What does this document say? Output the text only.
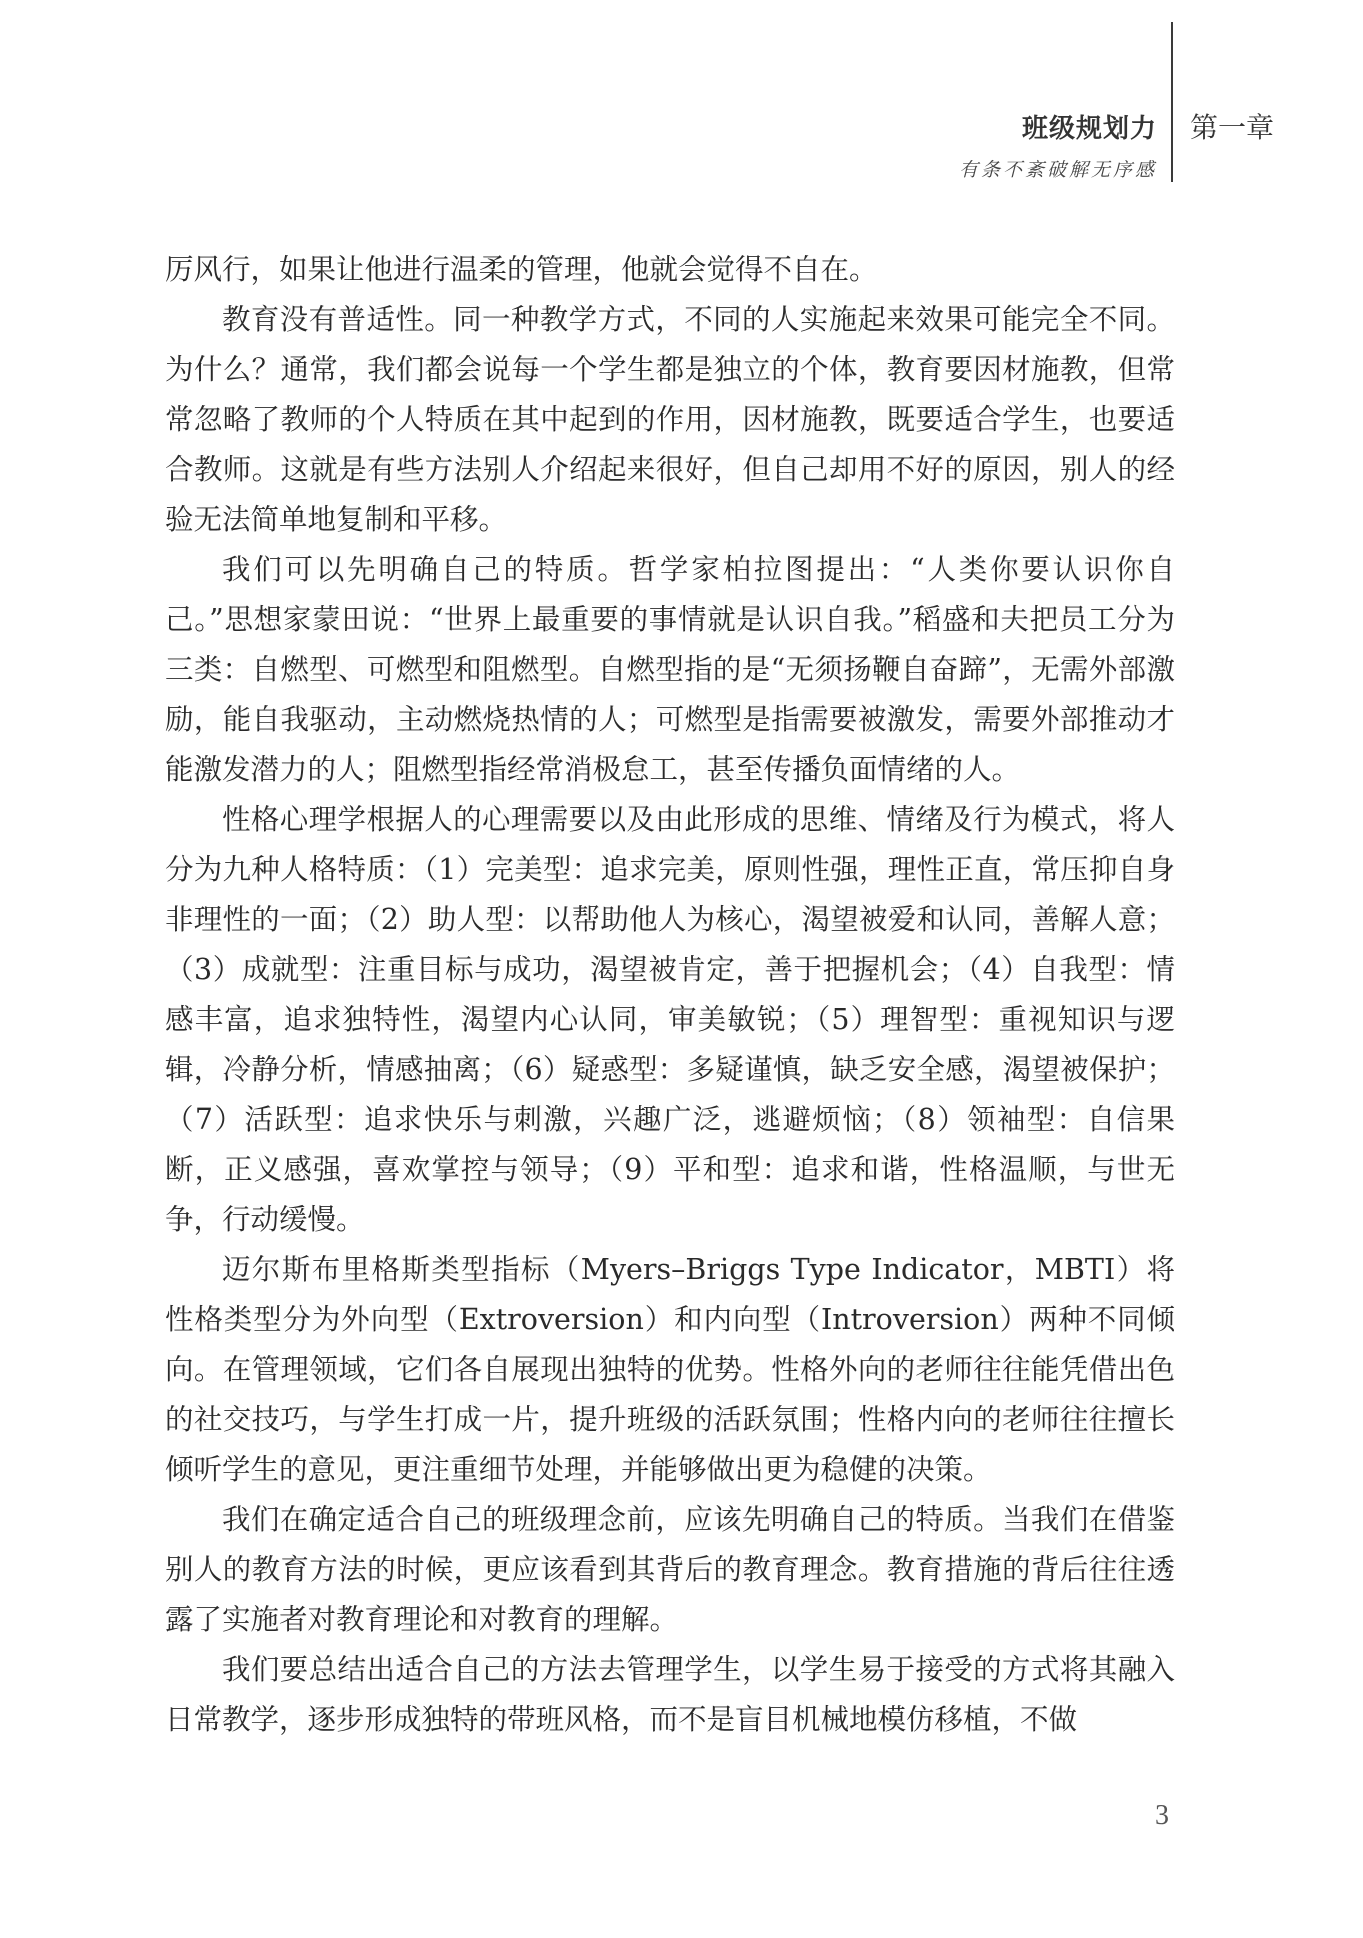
班级规划力
有条不紊破解无序感
第一章

厉风行，如果让他进行温柔的管理，他就会觉得不自在。

教育没有普适性。同一种教学方式，不同的人实施起来效果可能完全不同。为什么？通常，我们都会说每一个学生都是独立的个体，教育要因材施教，但常常忽略了教师的个人特质在其中起到的作用，因材施教，既要适合学生，也要适合教师。这就是有些方法别人介绍起来很好，但自己却用不好的原因，别人的经验无法简单地复制和平移。

我们可以先明确自己的特质。哲学家柏拉图提出：“人类你要认识你自己。”思想家蒙田说：“世界上最重要的事情就是认识自我。”稻盛和夫把员工分为三类：自燃型、可燃型和阻燃型。自燃型指的是“无须扬鞭自奋蹄”，无需外部激励，能自我驱动，主动燃烧热情的人；可燃型是指需要被激发，需要外部推动才能激发潜力的人；阻燃型指经常消极怠工，甚至传播负面情绪的人。

性格心理学根据人的心理需要以及由此形成的思维、情绪及行为模式，将人分为九种人格特质：（1）完美型：追求完美，原则性强，理性正直，常压抑自身非理性的一面；（2）助人型：以帮助他人为核心，渴望被爱和认同，善解人意；（3）成就型：注重目标与成功，渴望被肯定，善于把握机会；（4）自我型：情感丰富，追求独特性，渴望内心认同，审美敏锐；（5）理智型：重视知识与逻辑，冷静分析，情感抽离；（6）疑惑型：多疑谨慎，缺乏安全感，渴望被保护；（7）活跃型：追求快乐与刺激，兴趣广泛，逃避烦恼；（8）领袖型：自信果断，正义感强，喜欢掌控与领导；（9）平和型：追求和谐，性格温顺，与世无争，行动缓慢。

迈尔斯布里格斯类型指标（Myers–Briggs Type Indicator，MBTI）将性格类型分为外向型（Extroversion）和内向型（Introversion）两种不同倾向。在管理领域，它们各自展现出独特的优势。性格外向的老师往往能凭借出色的社交技巧，与学生打成一片，提升班级的活跃氛围；性格内向的老师往往擅长倾听学生的意见，更注重细节处理，并能够做出更为稳健的决策。

我们在确定适合自己的班级理念前，应该先明确自己的特质。当我们在借鉴别人的教育方法的时候，更应该看到其背后的教育理念。教育措施的背后往往透露了实施者对教育理论和对教育的理解。

我们要总结出适合自己的方法去管理学生，以学生易于接受的方式将其融入日常教学，逐步形成独特的带班风格，而不是盲目机械地模仿移植，不做

3
